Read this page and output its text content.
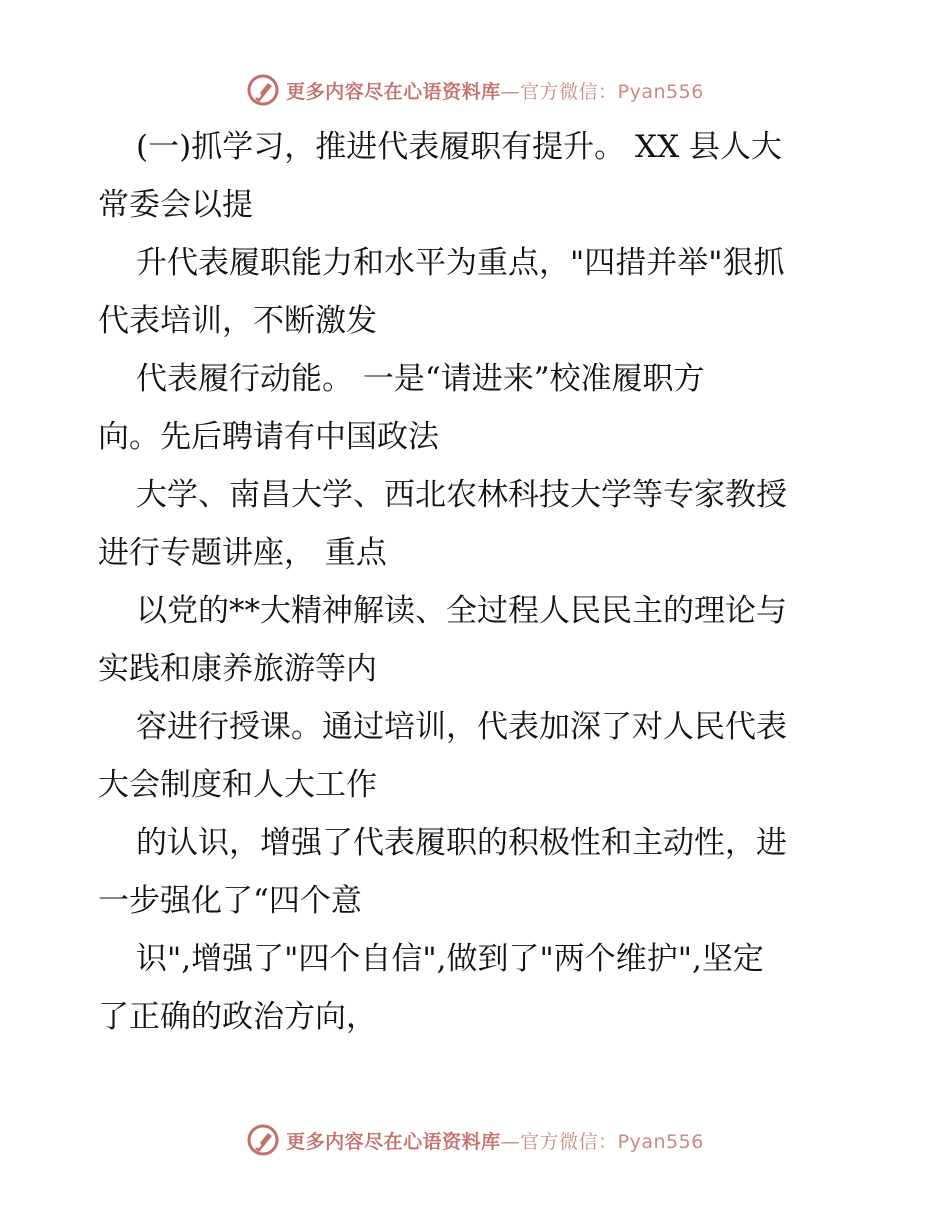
更多内容尽在心语资料库—官方微信：Pyan556

(一)抓学习，推进代表履职有提升。 XX 县人大

常委会以提

升代表履职能力和水平为重点，"四措并举"狠抓

代表培训，不断激发

代表履行动能。 一是“请进来”校准履职方

向。先后聘请有中国政法

大学、南昌大学、西北农林科技大学等专家教授

进行专题讲座， 重点

以党的**大精神解读、全过程人民民主的理论与

实践和康养旅游等内

容进行授课。通过培训，代表加深了对人民代表

大会制度和人大工作

的认识，增强了代表履职的积极性和主动性，进

一步强化了“四个意

识",增强了"四个自信",做到了"两个维护",坚定

了正确的政治方向，

更多内容尽在心语资料库—官方微信：Pyan556
